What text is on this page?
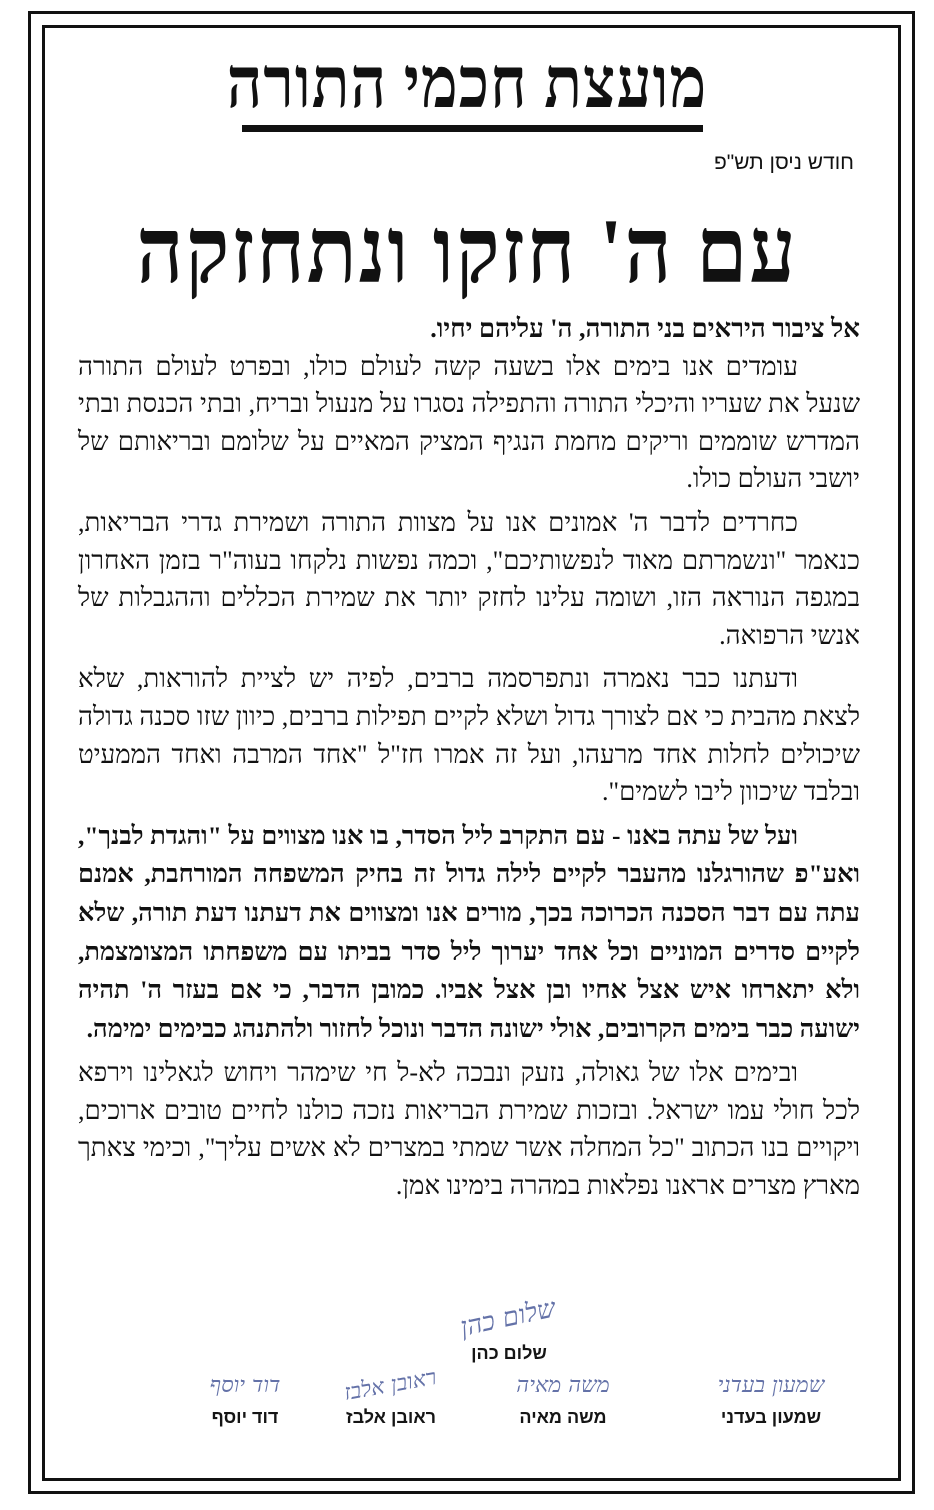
מועצת חכמי התורה
חודש ניסן תש"פ
עם ה' חזקו ונתחזקה

אל ציבור היראים בני התורה, ה' עליהם יחיו.

עומדים אנו בימים אלו בשעה קשה לעולם כולו, ובפרט לעולם התורה שנעל את שעריו והיכלי התורה והתפילה נסגרו על מנעול ובריח, ובתי הכנסת ובתי המדרש שוממים וריקים מחמת הנגיף המציק המאיים על שלומם ובריאותם של יושבי העולם כולו.

כחרדים לדבר ה' אמונים אנו על מצוות התורה ושמירת גדרי הבריאות, כנאמר "ונשמרתם מאוד לנפשותיכם", וכמה נפשות נלקחו בעוה"ר בזמן האחרון במגפה הנוראה הזו, ושומה עלינו לחזק יותר את שמירת הכללים וההגבלות של אנשי הרפואה.

ודעתנו כבר נאמרה ונתפרסמה ברבים, לפיה יש לציית להוראות, שלא לצאת מהבית כי אם לצורך גדול ושלא לקיים תפילות ברבים, כיוון שזו סכנה גדולה שיכולים לחלות אחד מרעהו, ועל זה אמרו חז"ל "אחד המרבה ואחד הממעיט ובלבד שיכוון ליבו לשמים".

ועל של עתה באנו - עם התקרב ליל הסדר, בו אנו מצווים על "והגדת לבנך", ואע"פ שהורגלנו מהעבר לקיים לילה גדול זה בחיק המשפחה המורחבת, אמנם עתה עם דבר הסכנה הכרוכה בכך, מורים אנו ומצווים את דעתנו דעת תורה, שלא לקיים סדרים המוניים וכל אחד יערוך ליל סדר בביתו עם משפחתו המצומצמת, ולא יתארחו איש אצל אחיו ובן אצל אביו. כמובן הדבר, כי אם בעזר ה' תהיה ישועה כבר בימים הקרובים, אולי ישונה הדבר ונוכל לחזור ולהתנהג כבימים ימימה.

ובימים אלו של גאולה, נזעק ונבכה לא-ל חי שימהר ויחוש לגאלינו וירפא לכל חולי עמו ישראל. ובזכות שמירת הבריאות נזכה כולנו לחיים טובים ארוכים, ויקויים בנו הכתוב "כל המחלה אשר שמתי במצרים לא אשים עליך", וכימי צאתך מארץ מצרים אראנו נפלאות במהרה בימינו אמן.

שלום כהן
שלום כהן
שמעון בעדני
שמעון בעדני
משה מאיה
משה מאיה
ראובן אלבז
ראובן אלבז
דוד יוסף
דוד יוסף
